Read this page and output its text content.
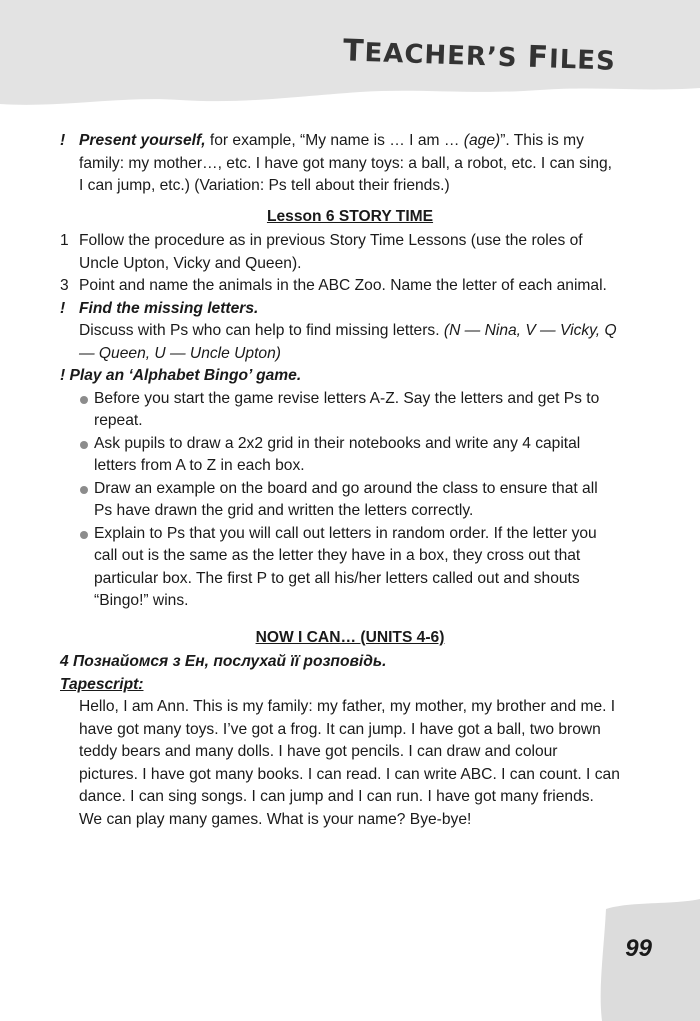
TEACHER’S FILES
! Present yourself, for example, “My name is … I am … (age)”. This is my family: my mother…, etc. I have got many toys: a ball, a robot, etc. I can sing, I can jump, etc.) (Variation: Ps tell about their friends.)
Lesson 6 STORY TIME
1 Follow the procedure as in previous Story Time Lessons (use the roles of Uncle Upton, Vicky and Queen).
3 Point and name the animals in the ABC Zoo. Name the letter of each animal.
! Find the missing letters.
Discuss with Ps who can help to find missing letters. (N — Nina, V — Vicky, Q — Queen, U — Uncle Upton)
! Play an ‘Alphabet Bingo’ game.
Before you start the game revise letters A-Z. Say the letters and get Ps to repeat.
Ask pupils to draw a 2x2 grid in their notebooks and write any 4 capital letters from A to Z in each box.
Draw an example on the board and go around the class to ensure that all Ps have drawn the grid and written the letters correctly.
Explain to Ps that you will call out letters in random order. If the letter you call out is the same as the letter they have in a box, they cross out that particular box. The first P to get all his/her letters called out and shouts “Bingo!” wins.
NOW I CAN… (UNITS 4-6)
4 Познайомся з Ен, послухай її розповідь.
Tapescript:
Hello, I am Ann. This is my family: my father, my mother, my brother and me. I have got many toys. I’ve got a frog. It can jump. I have got a ball, two brown teddy bears and many dolls. I have got pencils. I can draw and colour pictures. I have got many books. I can read. I can write ABC. I can count. I can dance. I can sing songs. I can jump and I can run. I have got many friends. We can play many games. What is your name? Bye-bye!
99
